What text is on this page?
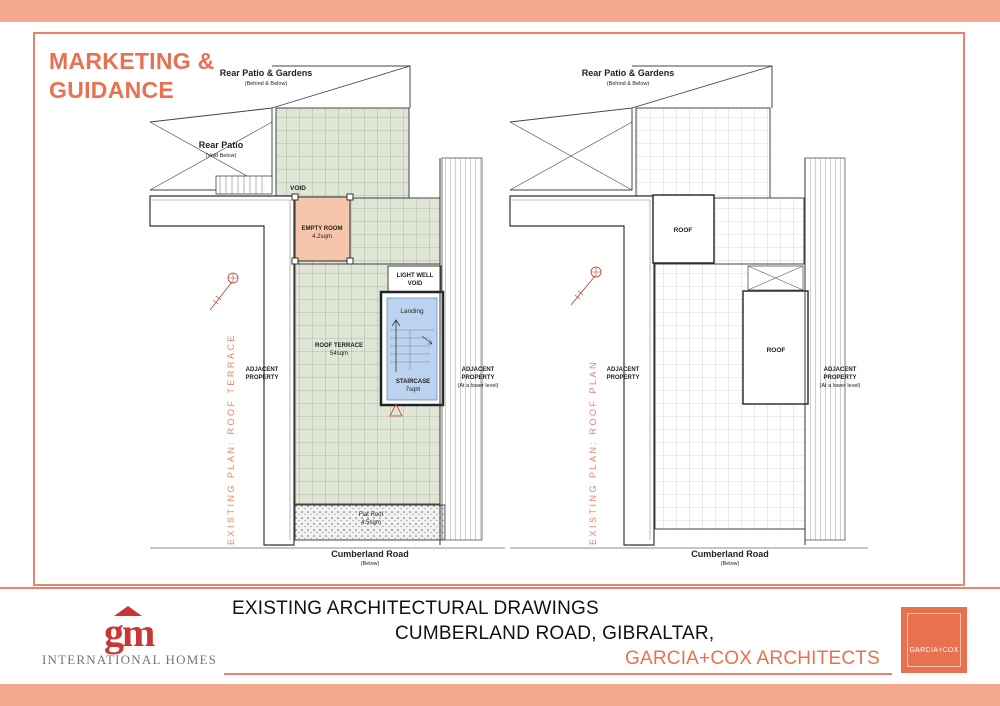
MARKETING &
GUIDANCE
Rear Patio & Gardens
(Behind & Below)
Rear Patio
(Void Below)
VOID
EMPTY ROOM
4.2sqm
LIGHT WELL
VOID
Landing
ROOF TERRACE
54sqm
STAIRCASE
7sqm
ADJACENT
PROPERTY
ADJACENT
PROPERTY
(At a lower level)
Flat Roof
4.5sqm
Cumberland Road
(Below)
EXISTING PLAN: ROOF TERRACE
Rear Patio & Gardens
(Behind & Below)
ROOF
ROOF
ADJACENT
PROPERTY
ADJACENT
PROPERTY
(At a lower level)
Cumberland Road
(Below)
EXISTING PLAN: ROOF PLAN
gm
INTERNATIONAL HOMES
EXISTING ARCHITECTURAL DRAWINGS
CUMBERLAND ROAD, GIBRALTAR,
GARCIA+COX ARCHITECTS	GARCIA+COX
